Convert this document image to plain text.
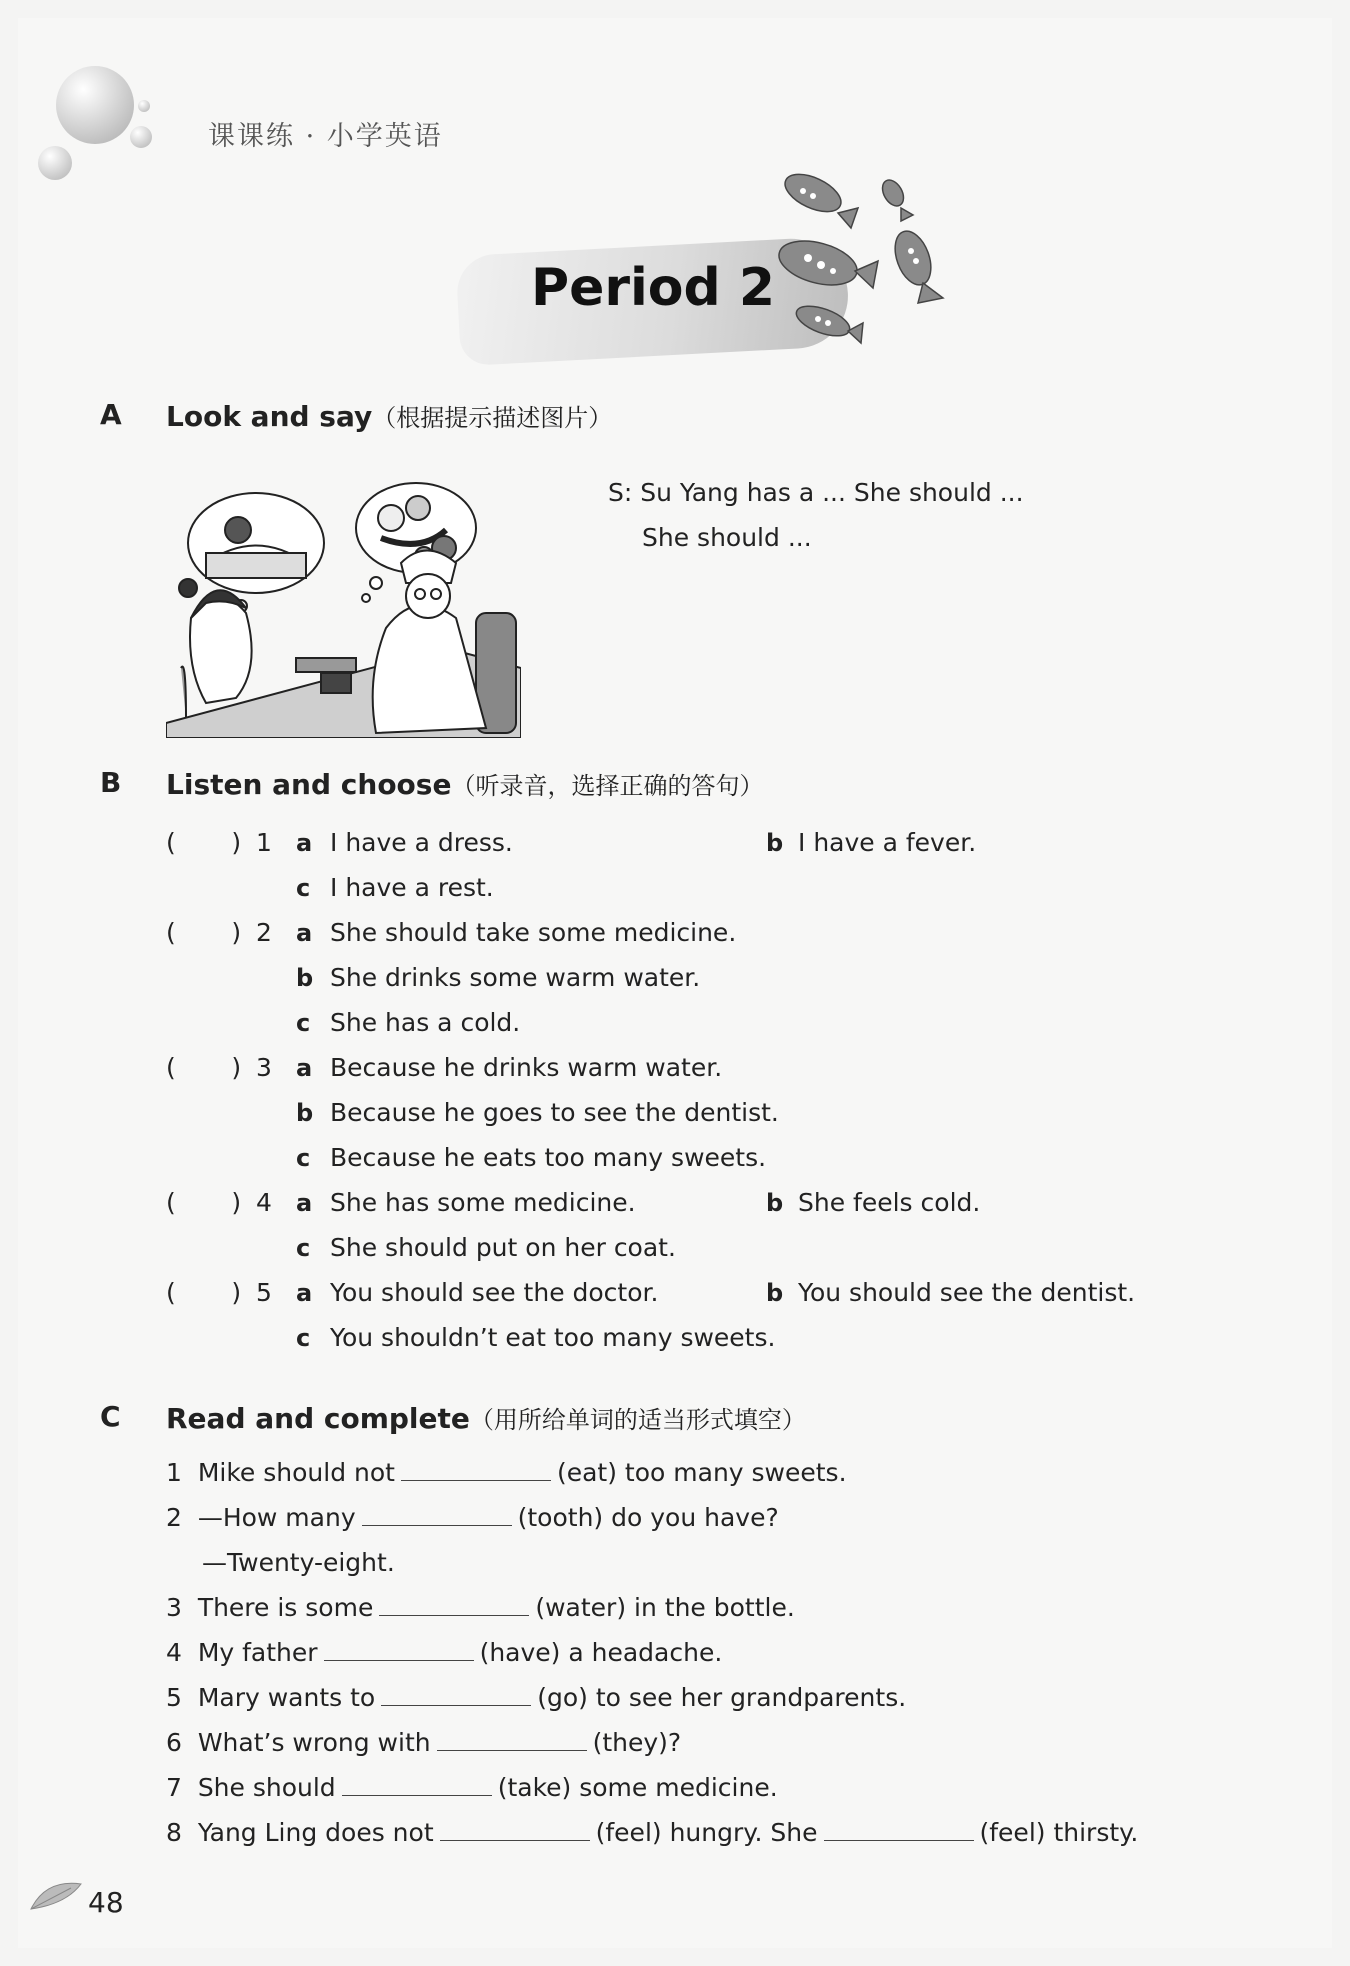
课课练 · 小学英语
Period 2
A Look and say（根据提示描述图片）
S: Su Yang has a ... She should ...
She should ...
B Listen and choose（听录音，选择正确的答句）
(       ) 1 a I have a dress.	b I have a fever.
c I have a rest.
(       ) 2 a She should take some medicine.
b She drinks some warm water.
c She has a cold.
(       ) 3 a Because he drinks warm water.
b Because he goes to see the dentist.
c Because he eats too many sweets.
(       ) 4 a She has some medicine.	b She feels cold.
c She should put on her coat.
(       ) 5 a You should see the doctor.	b You should see the dentist.
c You shouldn’t eat too many sweets.
C Read and complete（用所给单词的适当形式填空）
1 Mike should not	(eat) too many sweets.
2 —How many	(tooth) do you have?
—Twenty-eight.
3 There is some	(water) in the bottle.
4 My father	(have) a headache.
5 Mary wants to	(go) to see her grandparents.
6 What’s wrong with	(they)?
7 She should	(take) some medicine.
8 Yang Ling does not	(feel) hungry. She	(feel) thirsty.
48
